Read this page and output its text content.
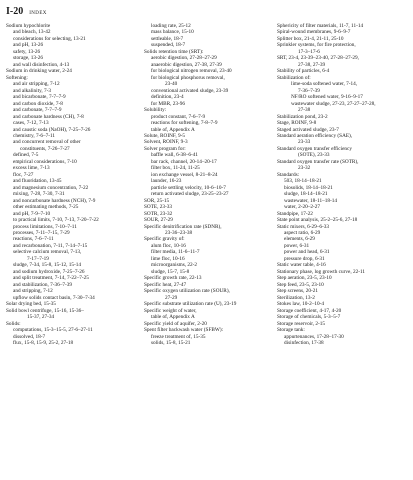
I-20 INDEX
Sodium hypochlorite
and bleach, 13-42
considerations for selecting, 13-21
and pH, 13-26
safety, 13-26
storage, 13-26
and wall disinfection, 4-13
Sodium in drinking water, 2-24
Softening:
and air stripping, 7-12
and alkalinity, 7-3
and bicarbonate, 7-7–7-9
and carbon dioxide, 7-8
and carbonate, 7-7–7-9
and carbonate hardness (CH), 7-8
cases, 7-12, 7-13
and caustic soda (NaOH), 7-25–7-26
chemistry, 7-6–7-11
and concurrent removal of other
constituents, 7-26–7-27
defined, 7-5
empirical considerations, 7-10
excess lime, 7-13
floc, 7-27
and fluoridation, 13-45
and magnesium concentration, 7-22
mixing, 7-28, 7-30, 7-31
and noncarbonate hardness (NCH), 7-9
other estimating methods, 7-25
and pH, 7-9–7-10
to practical limits, 7-10, 7-13, 7-20–7-22
process limitations, 7-10–7-11
processes, 7-11–7-15, 7-29
reactions, 7-6–7-11
and recarbonation, 7-11, 7-14–7-15
selective calcium removal, 7-13,
7-17–7-19
sludge, 7-34, 15-8, 15-12, 15-14
and sodium hydroxide, 7-25–7-26
and split treatment, 7-14, 7-22–7-25
and stabilization, 7-36–7-39
and stripping, 7-12
upflow solids contact basin, 7-30–7-34
Solar drying bed, 15-35
Solid bowl centrifuge, 15-16, 15-36–
15-37, 27-34
Solids:
computations, 15-3–15-5, 27-6–27-11
dissolved, 18-7
flux, 15-8, 15-9, 25-2, 27-18
loading rate, 25-12
mass balance, 15-10
settleable, 18-7
suspended, 18-7
Solids retention time (SRT):
aerobic digestion, 27-28–27-29
anaerobic digestion, 27-38, 27-39
for biological nitrogen removal, 23-40
for biological phosphorus removal,
23-40
conventional activated sludge, 23-39
definition, 23-4
for MBR, 23-96
Solubility:
product constant, 7-6–7-9
reactions for softening, 7-8–7-9
table of, Appendix A
Solute, ROINF, 9-5
Solvent, ROINF, 9-3
Solver program for:
baffle wall, 6-38–6-41
bar rack, channel, 20-14–20-17
filter box, 11-24, 11-25
ion exchange vessel, 8-21–8-24
launder, 16-23
particle settling velocity, 10-6–10-7
return activated sludge, 23-25–23-27
SOR, 25-15
SOTE, 23-33
SOTR, 23-32
SOUR, 27-29
Specific denitrification rate (SDNR),
23-36–23-38
Specific gravity of:
alum floc, 10-16
filter media, 11-6–11-7
lime floc, 10-16
microorganisms, 22-2
sludge, 15-7, 15-8
Specific growth rate, 22-13
Specific heat, 27-47
Specific oxygen utilization rate (SOUR),
27-29
Specific substrate utilization rate (U), 23-19
Specific weight of water,
table of, Appendix A
Specific yield of aquifer, 2-20
Spent filter backwash water (SFBW):
freeze treatment of, 15-35
solids, 15-8, 15-21
Sphericity of filter materials, 11-7, 11-14
Spiral-wound membranes, 9-6–9-7
Splitter box, 21-4, 21-11, 25-10
Sprinkler systems, for fire protection,
17-3–17-6
SRT, 23-4, 23-39–23-40, 27-28–27-29,
27-38, 27-39
Stability of particles, 6-4
Stabilization of:
lime-soda softened water, 7-14,
7-36–7-39
NF/RO softened water, 9-16–9-17
wastewater sludge, 27-23, 27-27–27-28,
27-38
Stabilization pond, 23-2
Stage, ROINF, 9-8
Staged activated sludge, 23-7
Standard aeration efficiency (SAE),
23-33
Standard oxygen transfer efficiency
(SOTE), 23-33
Standard oxygen transfer rate (SOTR),
23-32
Standards:
503, 18-14–18-21
biosolids, 18-14–18-21
sludge, 18-14–18-21
wastewater, 18-11–18-14
water, 2-20–2-27
Standpipe, 17-22
State point analysis, 25-2–25-6, 27-18
Static mixers, 6-29–6-33
aspect ratio, 6-29
elements, 6-29
power, 6-31
power and head, 6-31
pressure drop, 6-31
Static water table, 4-16
Stationary phase, log growth curve, 22-11
Step aeration, 23-5, 23-10
Step feed, 23-5, 23-10
Step screens, 20-21
Sterilization, 13-2
Stokes law, 10-2–10-4
Storage coefficient, 4-17, 4-20
Storage of chemicals, 5-3–5-7
Storage reservoir, 2-15
Storage tank:
appurtenances, 17-28–17-30
disinfection, 17-38
